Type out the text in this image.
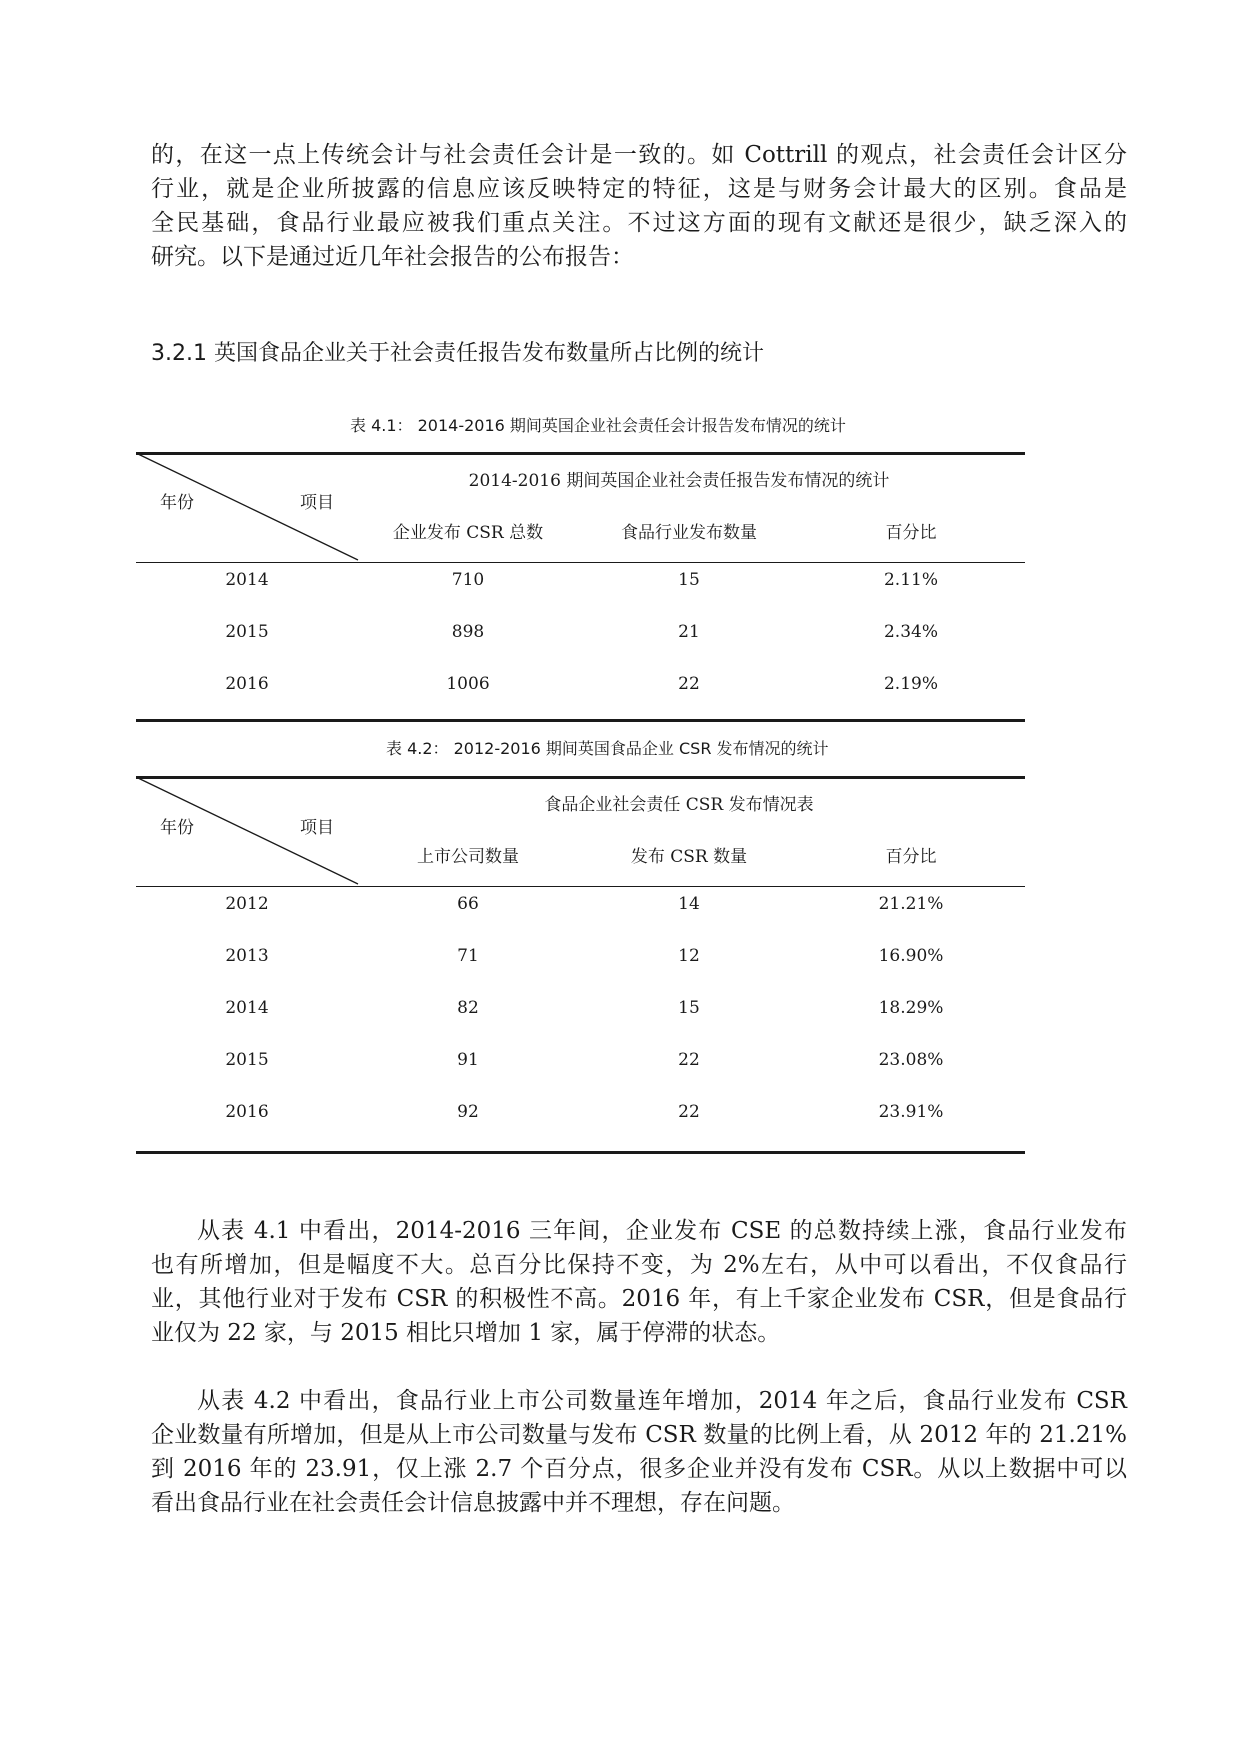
的，在这一点上传统会计与社会责任会计是一致的。如 Cottrill 的观点，社会责任会计区分
行业，就是企业所披露的信息应该反映特定的特征，这是与财务会计最大的区别。食品是
全民基础，食品行业最应被我们重点关注。不过这方面的现有文献还是很少，缺乏深入的
研究。以下是通过近几年社会报告的公布报告：
3.2.1 英国食品企业关于社会责任报告发布数量所占比例的统计
表 4.1： 2014-2016 期间英国企业社会责任会计报告发布情况的统计
年份	项目
2014-2016 期间英国企业社会责任报告发布情况的统计
企业发布 CSR 总数	食品行业发布数量	百分比
2014	710	15	2.11%
2015	898	21	2.34%
2016	1006	22	2.19%
表 4.2： 2012-2016 期间英国食品企业 CSR 发布情况的统计
年份	项目
食品企业社会责任 CSR 发布情况表
上市公司数量	发布 CSR 数量	百分比
2012	66	14	21.21%
2013	71	12	16.90%
2014	82	15	18.29%
2015	91	22	23.08%
2016	92	22	23.91%
从表 4.1 中看出，2014-2016 三年间，企业发布 CSE 的总数持续上涨，食品行业发布
也有所增加，但是幅度不大。总百分比保持不变，为 2%左右，从中可以看出，不仅食品行
业，其他行业对于发布 CSR 的积极性不高。2016 年，有上千家企业发布 CSR，但是食品行
业仅为 22 家，与 2015 相比只增加 1 家，属于停滞的状态。
从表 4.2 中看出，食品行业上市公司数量连年增加，2014 年之后，食品行业发布 CSR
企业数量有所增加，但是从上市公司数量与发布 CSR 数量的比例上看，从 2012 年的 21.21%
到 2016 年的 23.91，仅上涨 2.7 个百分点，很多企业并没有发布 CSR。从以上数据中可以
看出食品行业在社会责任会计信息披露中并不理想，存在问题。
